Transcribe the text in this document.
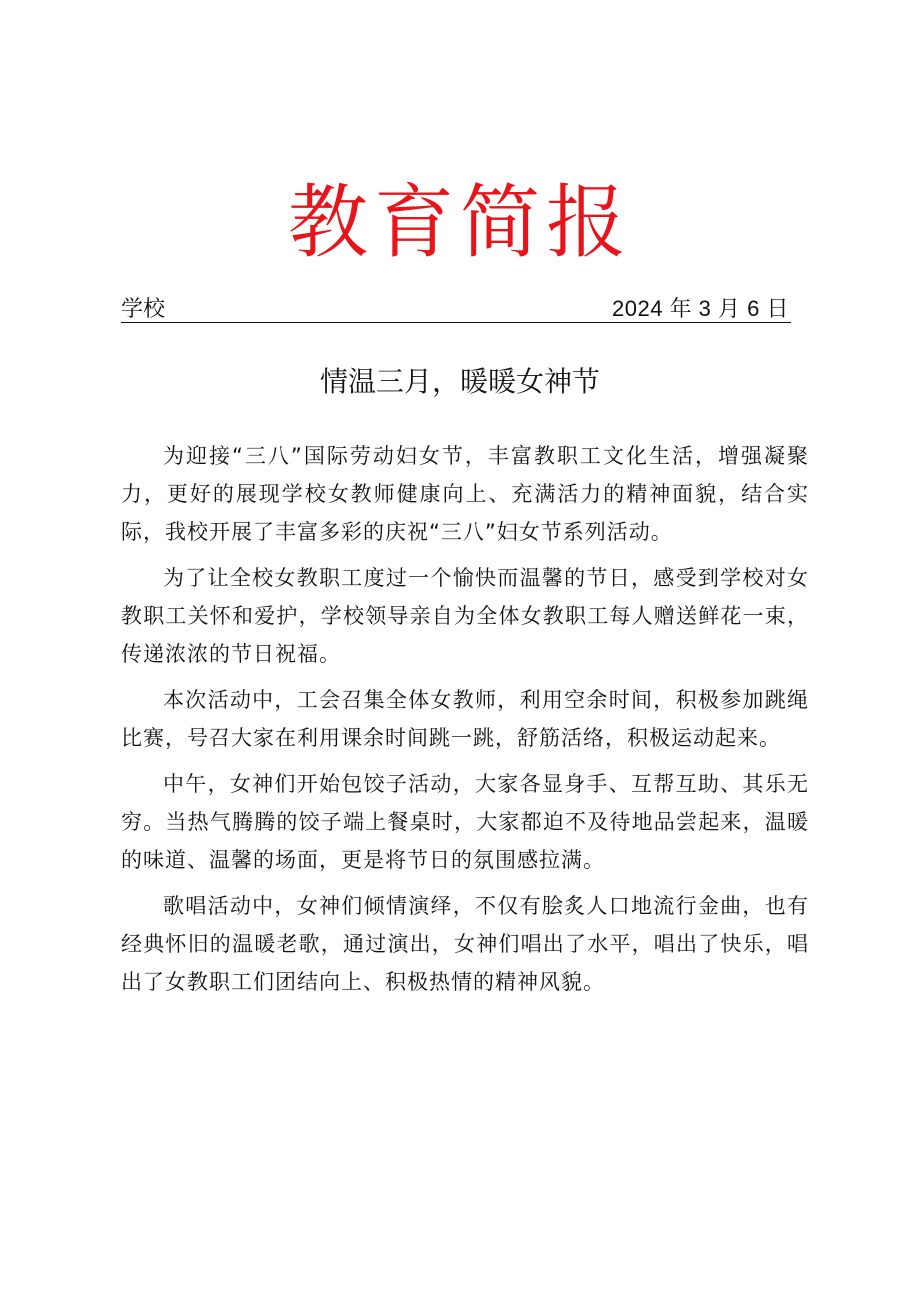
教育简报
学校	2024 年 3 月 6 日
情温三月，暖暖女神节

为迎接“三八”国际劳动妇女节，丰富教职工文化生活，增强凝聚力，更好的展现学校女教师健康向上、充满活力的精神面貌，结合实际，我校开展了丰富多彩的庆祝“三八”妇女节系列活动。

为了让全校女教职工度过一个愉快而温馨的节日，感受到学校对女教职工关怀和爱护，学校领导亲自为全体女教职工每人赠送鲜花一束，传递浓浓的节日祝福。

本次活动中，工会召集全体女教师，利用空余时间，积极参加跳绳比赛，号召大家在利用课余时间跳一跳，舒筋活络，积极运动起来。

中午，女神们开始包饺子活动，大家各显身手、互帮互助、其乐无穷。当热气腾腾的饺子端上餐桌时，大家都迫不及待地品尝起来，温暖的味道、温馨的场面，更是将节日的氛围感拉满。

歌唱活动中，女神们倾情演绎，不仅有脍炙人口地流行金曲，也有经典怀旧的温暖老歌，通过演出，女神们唱出了水平，唱出了快乐，唱出了女教职工们团结向上、积极热情的精神风貌。
